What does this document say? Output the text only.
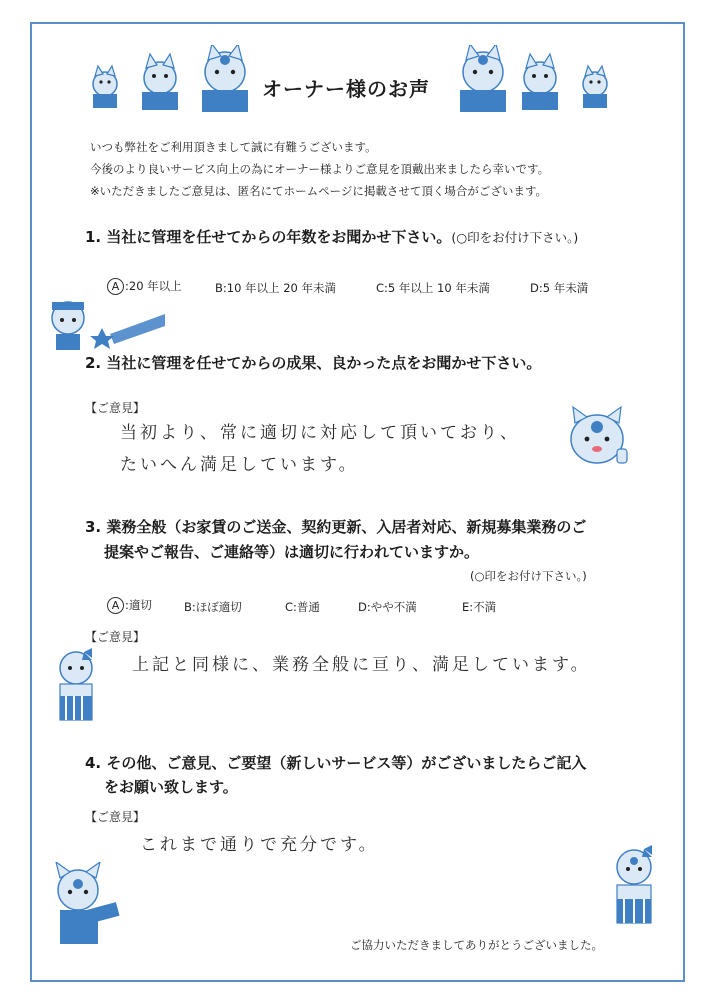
オーナー様のお声
いつも弊社をご利用頂きまして誠に有難うございます。
今後のより良いサービス向上の為にオーナー様よりご意見を頂戴出来ましたら幸いです。
※いただきましたご意見は、匿名にてホームページに掲載させて頂く場合がございます。
1. 当社に管理を任せてからの年数をお聞かせ下さい。(○印をお付け下さい。)
A :20 年以上	B:10 年以上 20 年未満	C:5 年以上 10 年未満	D:5 年未満
2. 当社に管理を任せてからの成果、良かった点をお聞かせ下さい。
【ご意見】
当初より、常に適切に対応して頂いており、
たいへん満足しています。
3. 業務全般（お家賃のご送金、契約更新、入居者対応、新規募集業務のご
提案やご報告、ご連絡等）は適切に行われていますか。
(○印をお付け下さい。)
A :適切	B:ほぼ適切	C:普通	D:やや不満	E:不満
【ご意見】
上記と同様に、業務全般に亘り、満足しています。
4. その他、ご意見、ご要望（新しいサービス等）がございましたらご記入
をお願い致します。
【ご意見】
これまで通りで充分です。
ご協力いただきましてありがとうございました。
